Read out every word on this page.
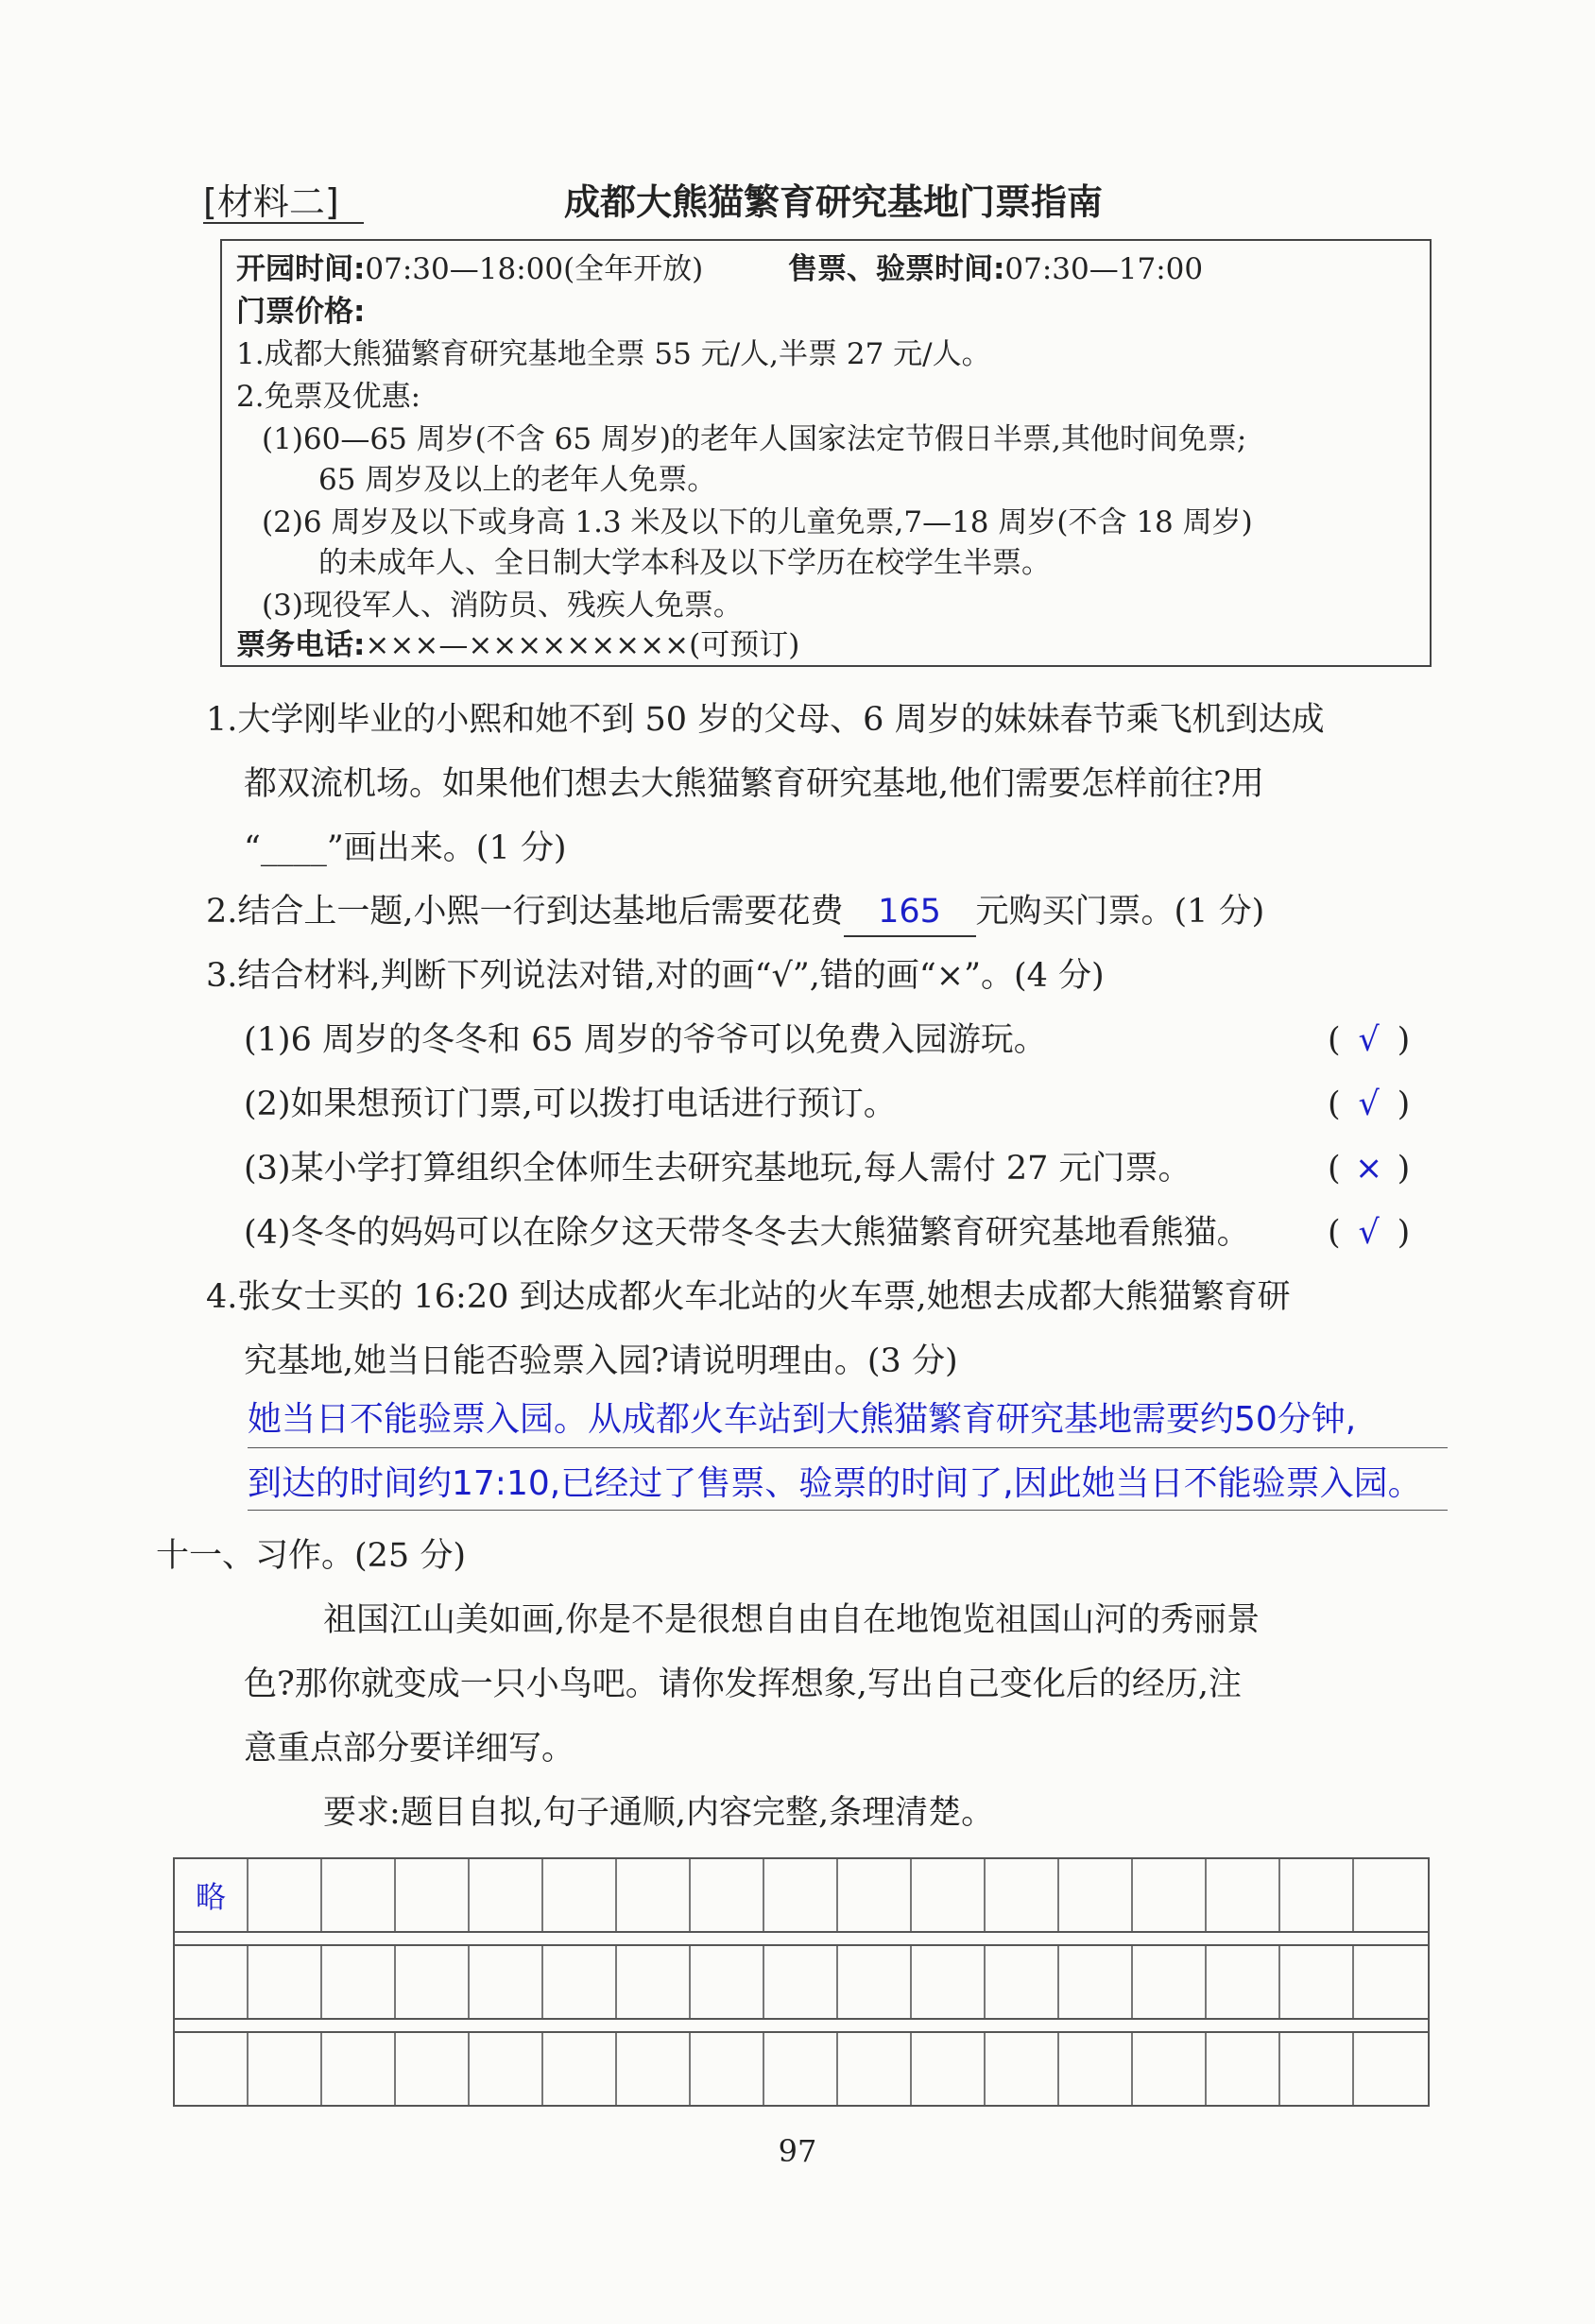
[材料二]	成都大熊猫繁育研究基地门票指南
开园时间:07:30—18:00(全年开放)	售票、验票时间:07:30—17:00
门票价格:
1.成都大熊猫繁育研究基地全票 55 元/人,半票 27 元/人。
2.免票及优惠:
(1)60—65 周岁(不含 65 周岁)的老年人国家法定节假日半票,其他时间免票;
65 周岁及以上的老年人免票。
(2)6 周岁及以下或身高 1.3 米及以下的儿童免票,7—18 周岁(不含 18 周岁)
的未成年人、全日制大学本科及以下学历在校学生半票。
(3)现役军人、消防员、残疾人免票。
票务电话:×××—×××××××××(可预订)
1.大学刚毕业的小熙和她不到 50 岁的父母、6 周岁的妹妹春节乘飞机到达成
都双流机场。如果他们想去大熊猫繁育研究基地,他们需要怎样前往?用
“____”画出来。(1 分)
2.结合上一题,小熙一行到达基地后需要花费 165 元购买门票。(1 分)
3.结合材料,判断下列说法对错,对的画“√”,错的画“×”。(4 分)
(1)6 周岁的冬冬和 65 周岁的爷爷可以免费入园游玩。	( √ )
(2)如果想预订门票,可以拨打电话进行预订。	( √ )
(3)某小学打算组织全体师生去研究基地玩,每人需付 27 元门票。	( × )
(4)冬冬的妈妈可以在除夕这天带冬冬去大熊猫繁育研究基地看熊猫。 ( √ )
4.张女士买的 16:20 到达成都火车北站的火车票,她想去成都大熊猫繁育研
究基地,她当日能否验票入园?请说明理由。(3 分)
她当日不能验票入园。从成都火车站到大熊猫繁育研究基地需要约50分钟,
到达的时间约17:10,已经过了售票、验票的时间了,因此她当日不能验票入园。
十一、习作。(25 分)
祖国江山美如画,你是不是很想自由自在地饱览祖国山河的秀丽景
色?那你就变成一只小鸟吧。请你发挥想象,写出自己变化后的经历,注
意重点部分要详细写。
要求:题目自拟,句子通顺,内容完整,条理清楚。
略
97
